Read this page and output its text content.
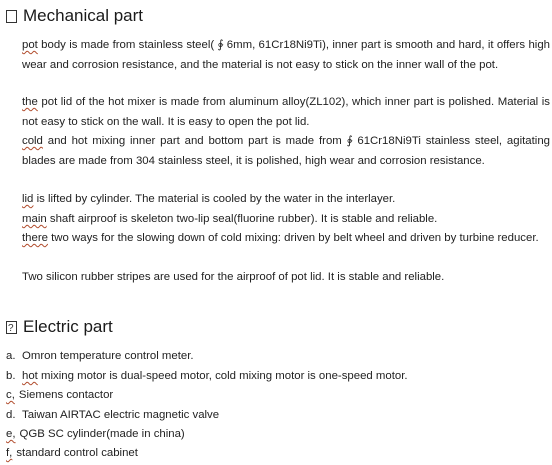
Mechanical part
pot body is made from stainless steel( ∲ 6mm, 61Cr18Ni9Ti), inner part is smooth and hard, it offers high wear and corrosion resistance, and the material is not easy to stick on the inner wall of the pot.
the pot lid of the hot mixer is made from aluminum alloy(ZL102), which inner part is polished. Material is not easy to stick on the wall. It is easy to open the pot lid.
cold and hot mixing inner part and bottom part is made from ∲ 61Cr18Ni9Ti stainless steel, agitating blades are made from 304 stainless steel, it is polished, high wear and corrosion resistance.
lid is lifted by cylinder. The material is cooled by the water in the interlayer.
main shaft airproof is skeleton two-lip seal(fluorine rubber). It is stable and reliable.
there two ways for the slowing down of cold mixing: driven by belt wheel and driven by turbine reducer.
Two silicon rubber stripes are used for the airproof of pot lid. It is stable and reliable.
?
Electric part
a. Omron temperature control meter.
b. hot mixing motor is dual-speed motor, cold mixing motor is one-speed motor.
c, Siemens contactor
d. Taiwan AIRTAC electric magnetic valve
e, QGB SC cylinder(made in china)
f, standard control cabinet
